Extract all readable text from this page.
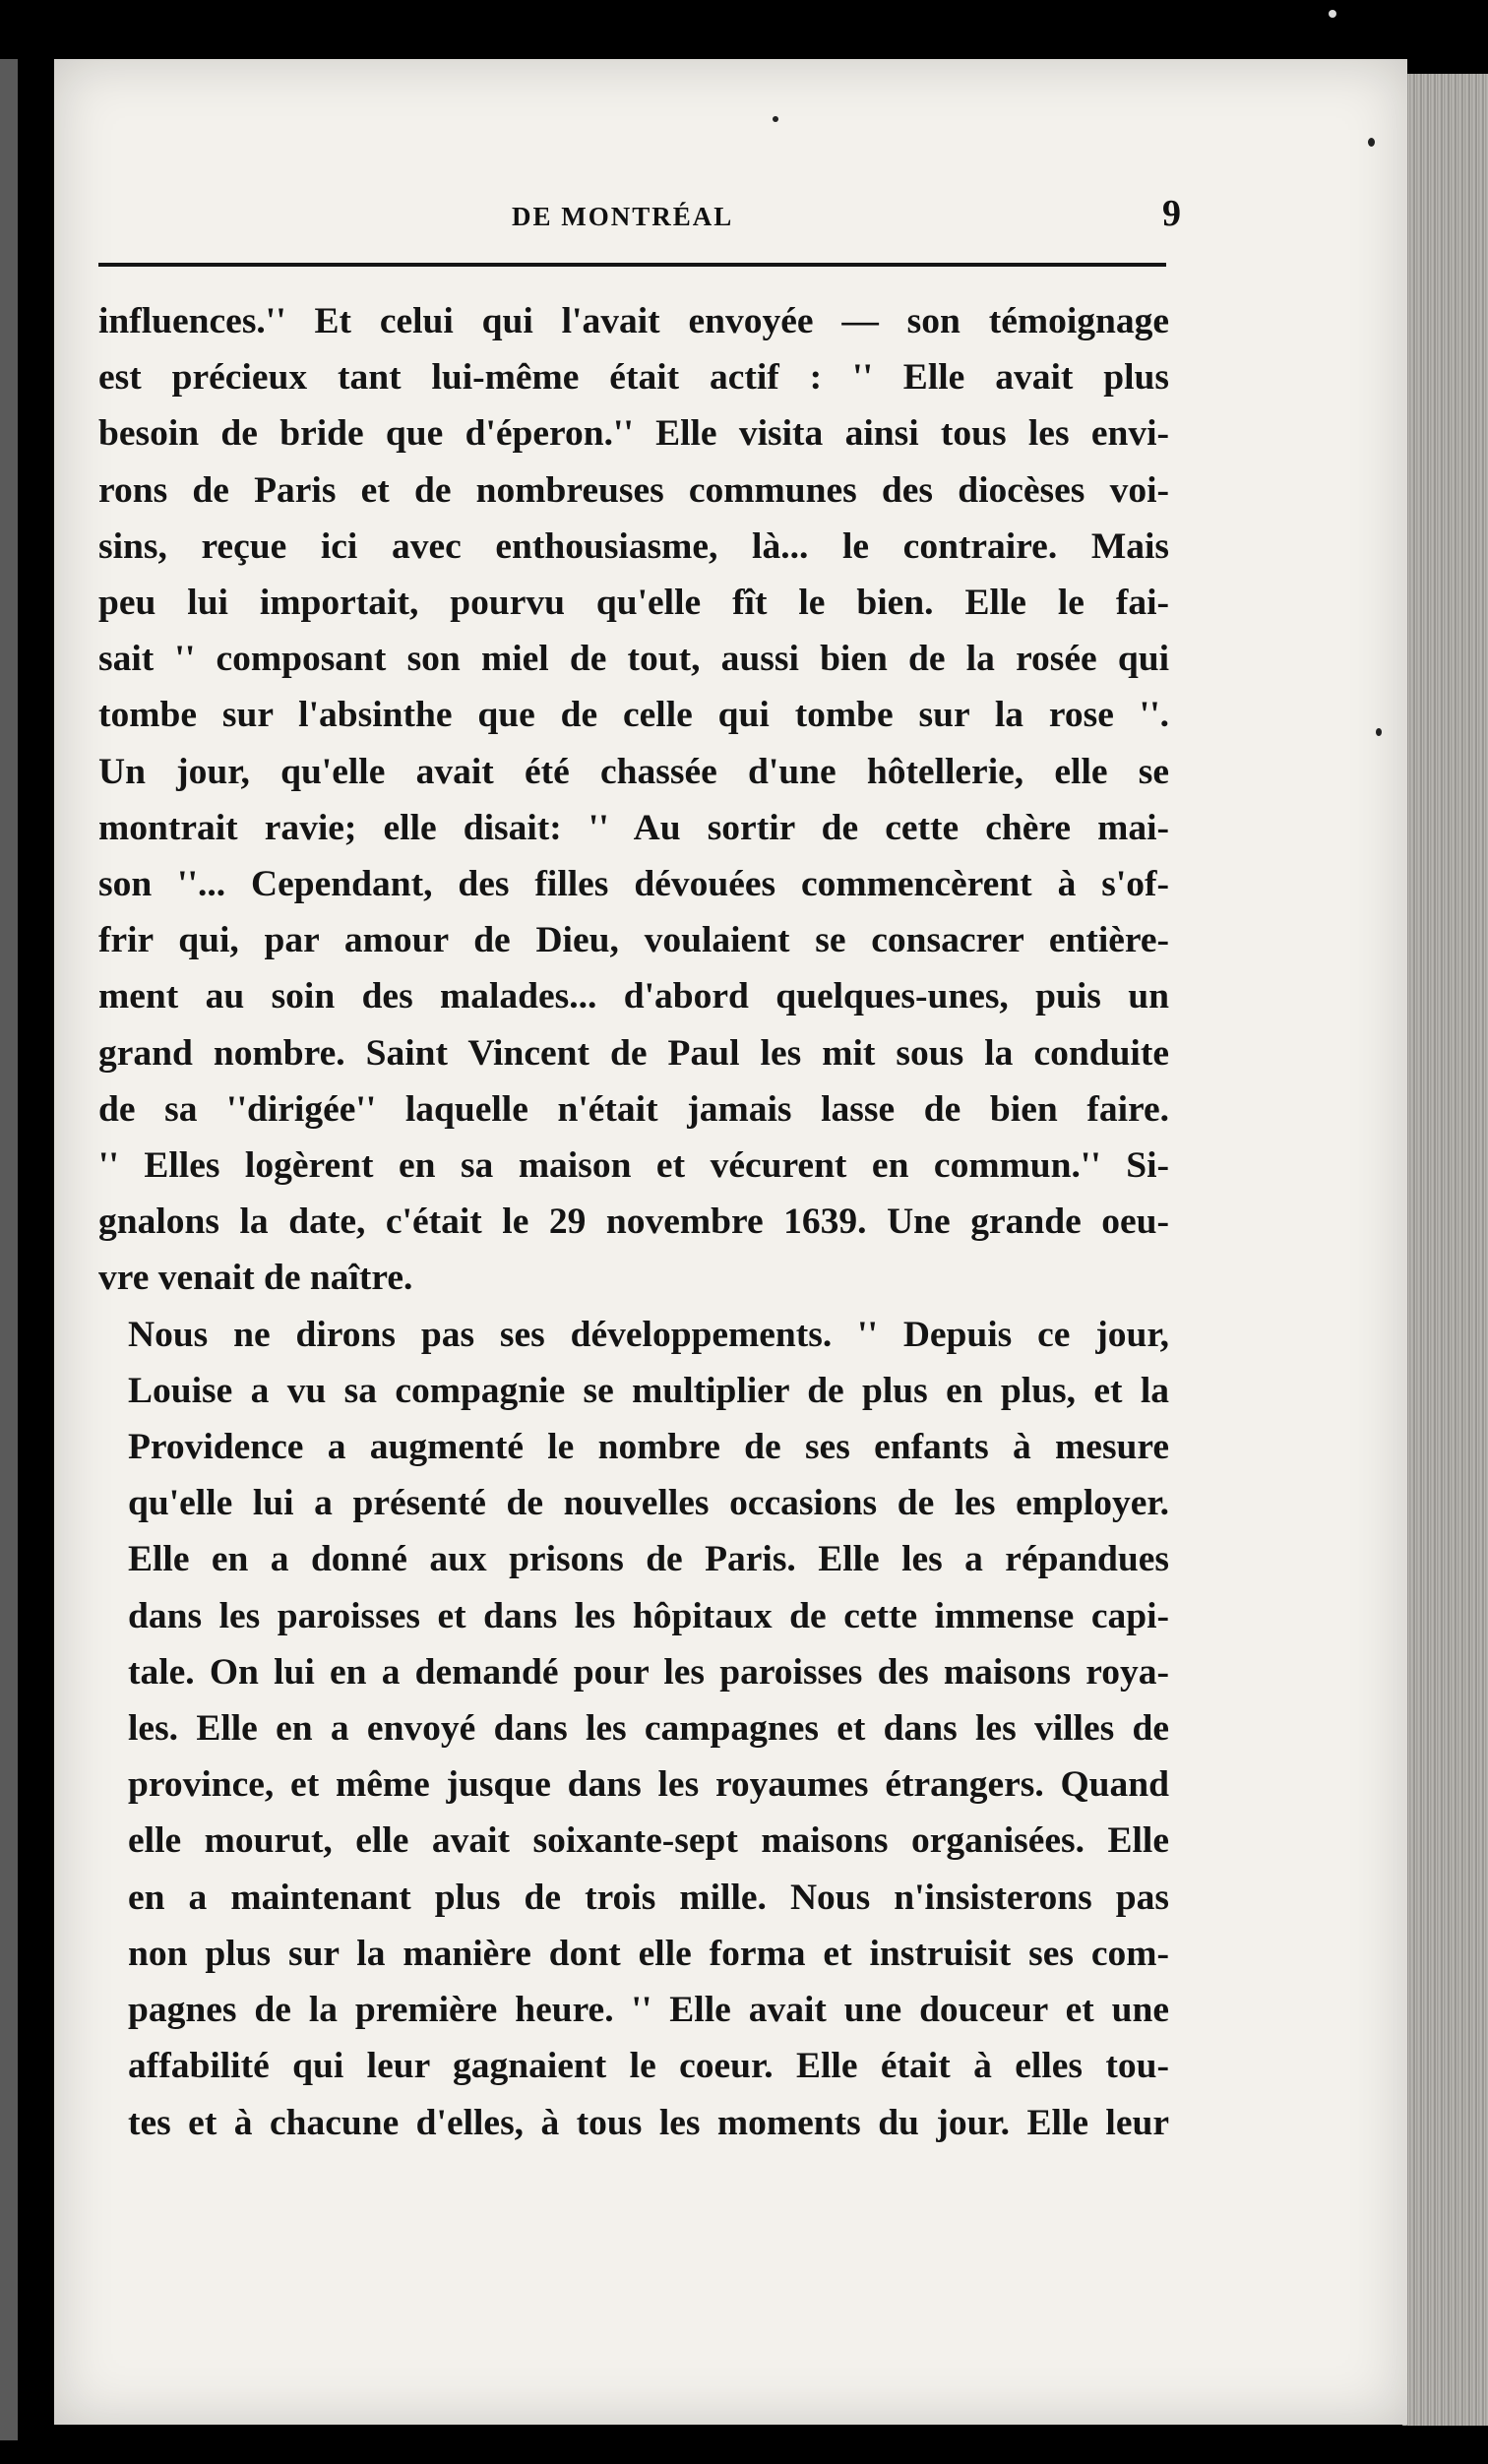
DE MONTRÉAL	9

influences.'' Et celui qui l'avait envoyée — son témoignage
est précieux tant lui-même était actif : '' Elle avait plus
besoin de bride que d'éperon.'' Elle visita ainsi tous les envi-
rons de Paris et de nombreuses communes des diocèses voi-
sins, reçue ici avec enthousiasme, là... le contraire. Mais
peu lui importait, pourvu qu'elle fît le bien. Elle le fai-
sait '' composant son miel de tout, aussi bien de la rosée qui
tombe sur l'absinthe que de celle qui tombe sur la rose ''.
Un jour, qu'elle avait été chassée d'une hôtellerie, elle se
montrait ravie; elle disait: '' Au sortir de cette chère mai-
son ''... Cependant, des filles dévouées commencèrent à s'of-
frir qui, par amour de Dieu, voulaient se consacrer entière-
ment au soin des malades... d'abord quelques-unes, puis un
grand nombre. Saint Vincent de Paul les mit sous la conduite
de sa ''dirigée'' laquelle n'était jamais lasse de bien faire.
'' Elles logèrent en sa maison et vécurent en commun.'' Si-
gnalons la date, c'était le 29 novembre 1639. Une grande oeu-
vre venait de naître.

Nous ne dirons pas ses développements. '' Depuis ce jour,
Louise a vu sa compagnie se multiplier de plus en plus, et la
Providence a augmenté le nombre de ses enfants à mesure
qu'elle lui a présenté de nouvelles occasions de les employer.
Elle en a donné aux prisons de Paris. Elle les a répandues
dans les paroisses et dans les hôpitaux de cette immense capi-
tale. On lui en a demandé pour les paroisses des maisons roya-
les. Elle en a envoyé dans les campagnes et dans les villes de
province, et même jusque dans les royaumes étrangers. Quand
elle mourut, elle avait soixante-sept maisons organisées. Elle
en a maintenant plus de trois mille. Nous n'insisterons pas
non plus sur la manière dont elle forma et instruisit ses com-
pagnes de la première heure. '' Elle avait une douceur et une
affabilité qui leur gagnaient le coeur. Elle était à elles tou-
tes et à chacune d'elles, à tous les moments du jour. Elle leur
